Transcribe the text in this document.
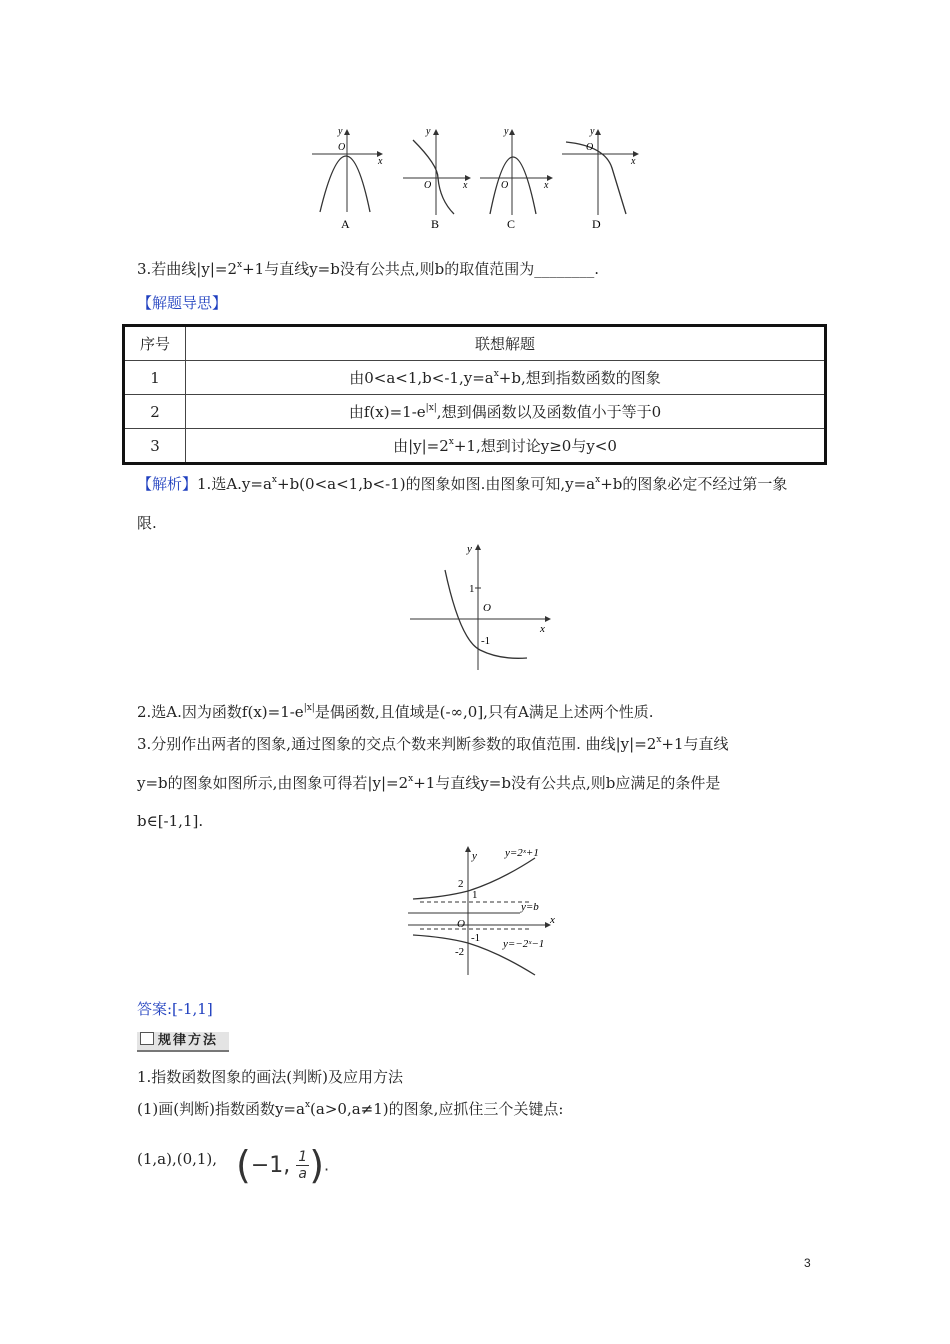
y
x
O
A
y
x
O
B
y
x
O
C
y
x
O
D
3.若曲线$|y|=2^x+1$与直线y=b没有公共点,则b的取值范围为________.
【解题导思】
序号	联想解题
1	由$0<a<1,b<-1,y=a^x+b$,想到指数函数的图象
2	由$f(x)=1-e^{|x|}$,想到偶函数以及函数值小于等于0
3	由$|y|=2^x+1$,想到讨论y≥0与y<0
【解析】1.选$A.y=a^x+b(0<a<1,b<-1)$的图象如图.由图象可知$,y=a^x+b$的图象必定不经过第一象
限.
y
x
O
1
-1
2.选A.因为函数$f(x)=1-e^{|x|}$是偶函数,且值域是(-∞,0],只有A满足上述两个性质.
3.分别作出两者的图象,通过图象的交点个数来判断参数的取值范围. 曲线$|y|=2^x+1$与直线
y=b的图象如图所示,由图象可得若$|y|=2^x+1$与直线y=b没有公共点,则b应满足的条件是
b∈[-1,1].
y
x
O
y=2ˣ+1
y=b
y=−2ˣ−1
2
1
-1
-2
答案:[-1,1]
规律方法
1.指数函数图象的画法(判断)及应用方法
(1)画(判断)指数函数$y=a^x(a>0,a\ne 1)$的图象,应抓住三个关键点:
(1,a),(0,1), (−1, $\frac{1}{a}$ ).
3
